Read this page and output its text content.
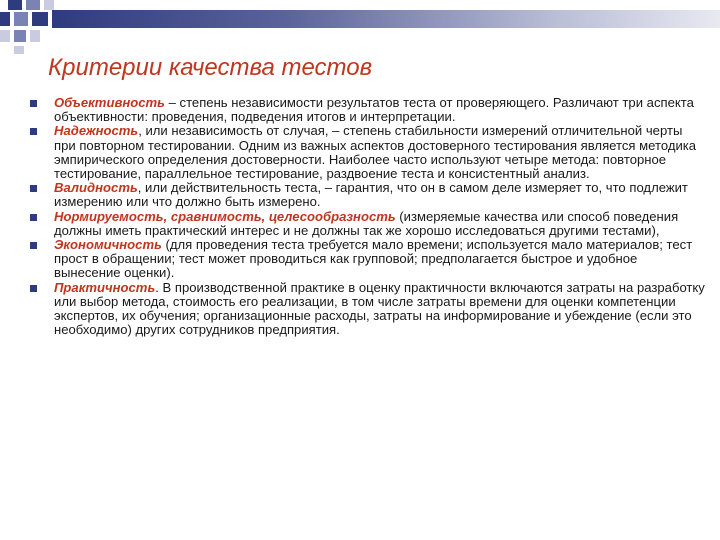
Критерии качества тестов
Объективность – степень независимости результатов теста от проверяющего. Различают три аспекта объективности: проведения, подведения итогов и интерпретации.
Надежность, или независимость от случая, – степень стабильности измерений отличительной черты при повторном тестировании. Одним из важных аспектов достоверного тестирования является методика эмпирического определения достоверности. Наиболее часто используют четыре метода: повторное тестирование, параллельное тестирование, раздвоение теста и консистентный анализ.
Валидность, или действительность теста, – гарантия, что он в самом деле измеряет то, что подлежит измерению или что должно быть измерено.
Нормируемость, сравнимость, целесообразность (измеряемые качества или способ поведения должны иметь практический интерес и не должны так же хорошо исследоваться другими тестами),
Экономичность (для проведения теста требуется мало времени; используется мало материалов; тест прост в обращении; тест может проводиться как групповой; предполагается быстрое и удобное вынесение оценки).
Практичность. В производственной практике в оценку практичности включаются затраты на разработку или выбор метода, стоимость его реализации, в том числе затраты времени для оценки компетенции экспертов, их обучения; организационные расходы, затраты на информирование и убеждение (если это необходимо) других сотрудников предприятия.
